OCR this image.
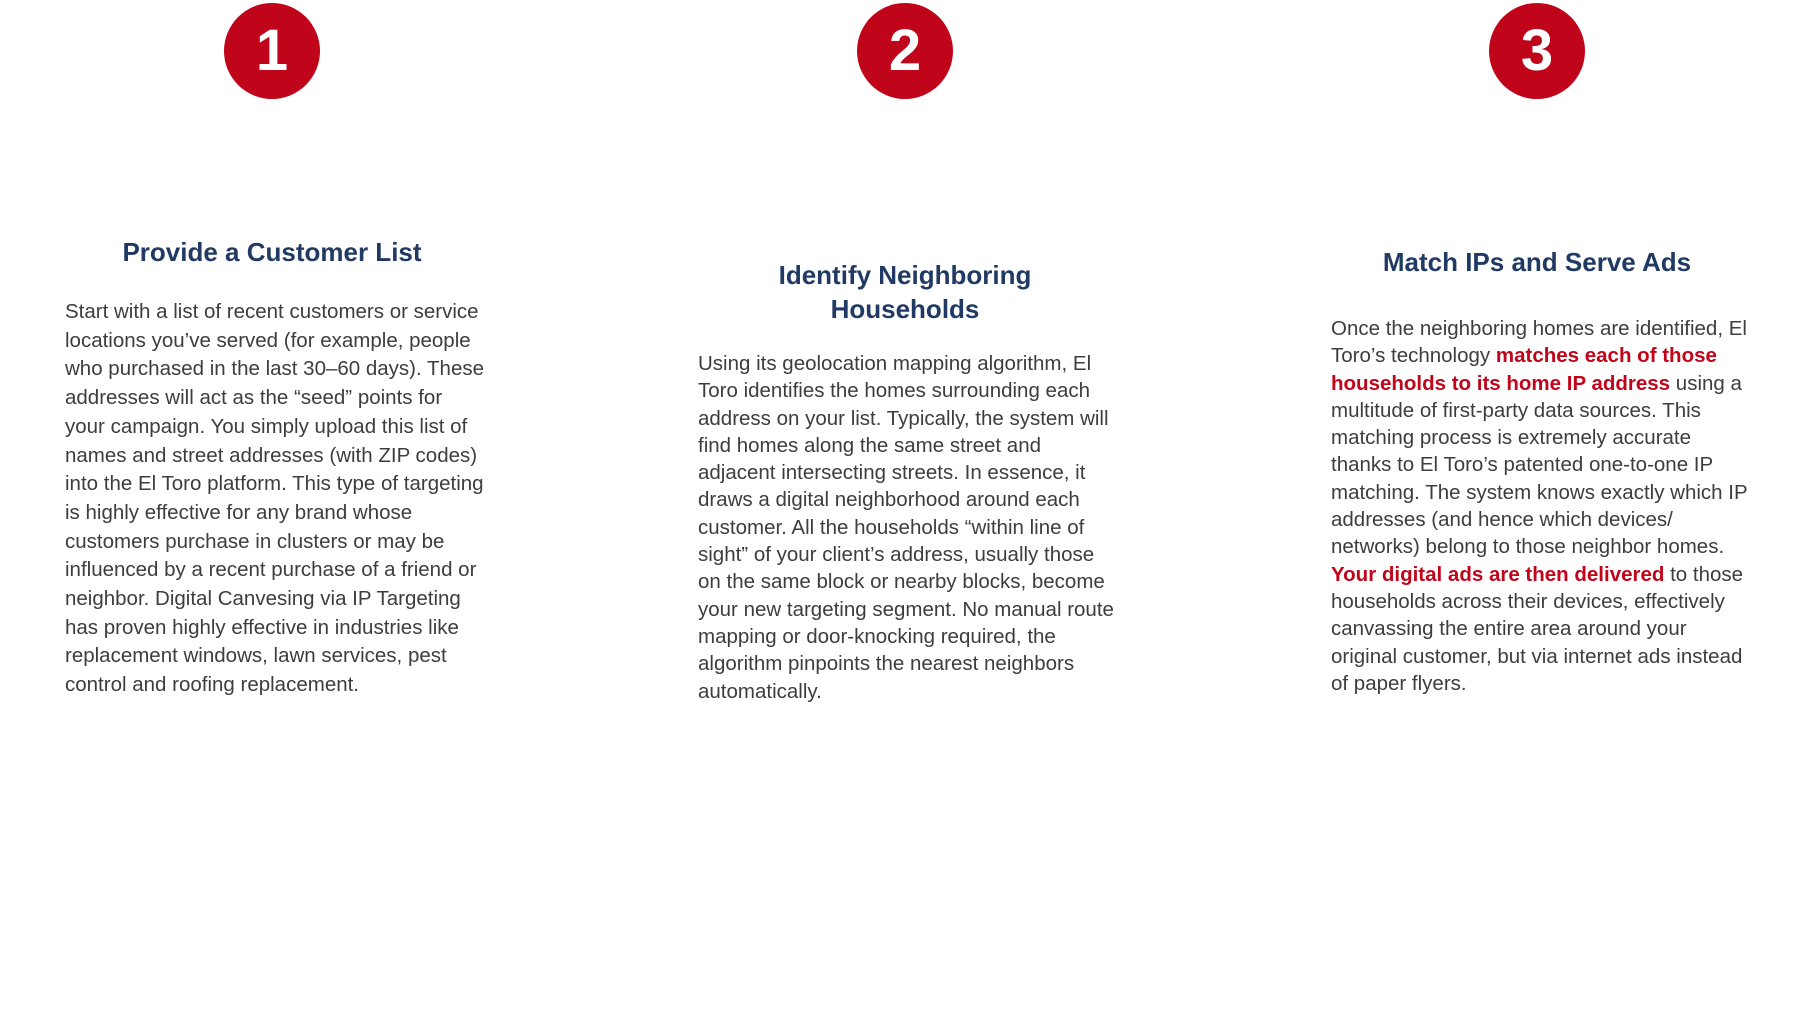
1
Provide a Customer List

Start with a list of recent customers or service locations you’ve served (for example, people who purchased in the last 30–60 days). These addresses will act as the “seed” points for your campaign. You simply upload this list of names and street addresses (with ZIP codes) into the El Toro platform. This type of targeting is highly effective for any brand whose customers purchase in clusters or may be influenced by a recent purchase of a friend or neighbor. Digital Canvesing via IP Targeting has proven highly effective in industries like replacement windows, lawn services, pest control and roofing replacement.

2
Identify Neighboring Households

Using its geolocation mapping algorithm, El Toro identifies the homes surrounding each address on your list. Typically, the system will find homes along the same street and adjacent intersecting streets. In essence, it draws a digital neighborhood around each customer. All the households “within line of sight” of your client’s address, usually those on the same block or nearby blocks, become your new targeting segment. No manual route mapping or door-knocking required, the algorithm pinpoints the nearest neighbors automatically.

3
Match IPs and Serve Ads

Once the neighboring homes are identified, El Toro’s technology matches each of those households to its home IP address using a multitude of first-party data sources. This matching process is extremely accurate thanks to El Toro’s patented one-to-one IP matching. The system knows exactly which IP addresses (and hence which devices/ networks) belong to those neighbor homes. Your digital ads are then delivered to those households across their devices, effectively canvassing the entire area around your original customer, but via internet ads instead of paper flyers.
